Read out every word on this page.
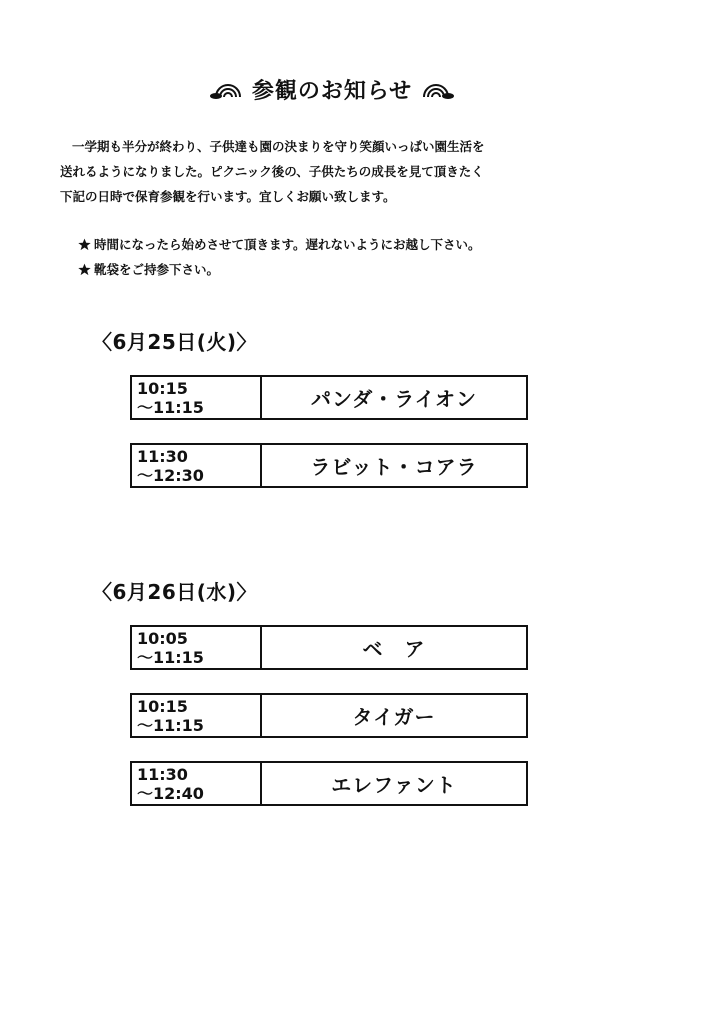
参観のお知らせ

一学期も半分が終わり、子供達も園の決まりを守り笑顔いっぱい園生活を

送れるようになりました。ピクニック後の、子供たちの成長を見て頂きたく

下記の日時で保育参観を行います。宜しくお願い致します。

時間になったら始めさせて頂きます。遅れないようにお越し下さい。
靴袋をご持参下さい。
〈6月25日(火)〉
10:15
〜11:15	パンダ・ライオン
11:30
〜12:30	ラビット・コアラ
〈6月26日(水)〉
10:05
〜11:15	ベ　ア
10:15
〜11:15	タイガー
11:30
〜12:40	エレファント
